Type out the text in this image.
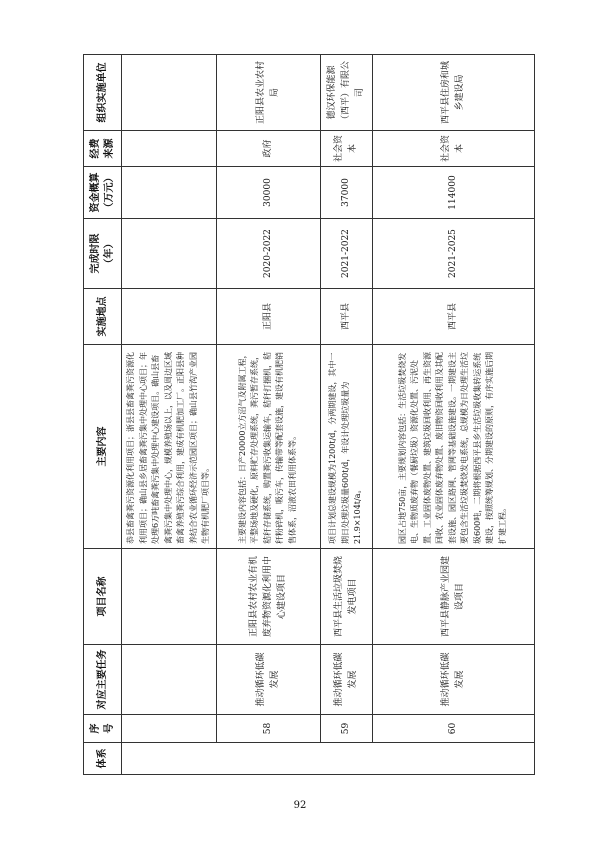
体系	序号	对应主要任务	项目名称	主要内容	实施地点	完成时限（年）	资金概算（万元）	经费来源	组织实施单位
				恭县畜禽粪污资源化利用项目；浙县县畜禽粪污资源化利用项目；确山县乡居畜禽粪污集中处理中心项目；年处理6万吨畜禽粪污集中处理中心建设项目。确山县畜禽粪污集中处理中心，规模养殖场以上，以及周边区域畜禽养殖粪污综合利用，建成有机肥加工厂。正阳县种养结合农业循环经济示范园区项目；确山县竹沟产业园生物有机肥厂项目等。					
	58	推动循环低碳发展	正阳县农村农业有机废弃物资源化利用中心建设项目	主要建设内容包括：日产20000立方沼气及附属工程，平整场地及硬化，原料贮存处理系统，粪污暂存系统，秸秆存储系统，购置粪污收集运输车，秸秆打捆机，秸秆粉碎机，吸污车，传输带等配套设施，建设有机肥销售体系，沼液农田利用体系等。	正阳县	2020-2022	30000	政府	正阳县农业农村局
	59	推动循环低碳发展	西平县生活垃圾焚烧发电项目	项目计划总建设规模为1200t/d，分两期建设，其中一期日处理垃圾量600t/d，年设计处理垃圾量为21.9×104t/a。	西平县	2021-2022	37000	社会资本	德汉环保能源（西平）有限公司
	60	推动循环低碳发展	西平县静脉产业园建设项目	园区占地750亩，主要规划内容包括：生活垃圾焚烧发电、生物质废弃物（餐厨垃圾）资源化处置、污泥处置、工业固体废物处置、建筑垃圾回收利用、再生资源回收、农业固体废弃物处置、废旧物资回收利用及其配套设施、园区路网、管网等基础设施建设。一期建设主要包含生活垃圾焚烧发电系统，总规模为日处理生活垃圾600吨，二期将根据西平县乡生活垃圾收集转运系统建设，按照统筹规划、分期建设的原则，有序实施后期扩建工程。	西平县	2021-2025	114000	社会资本	西平县住房和城乡建设局
92
